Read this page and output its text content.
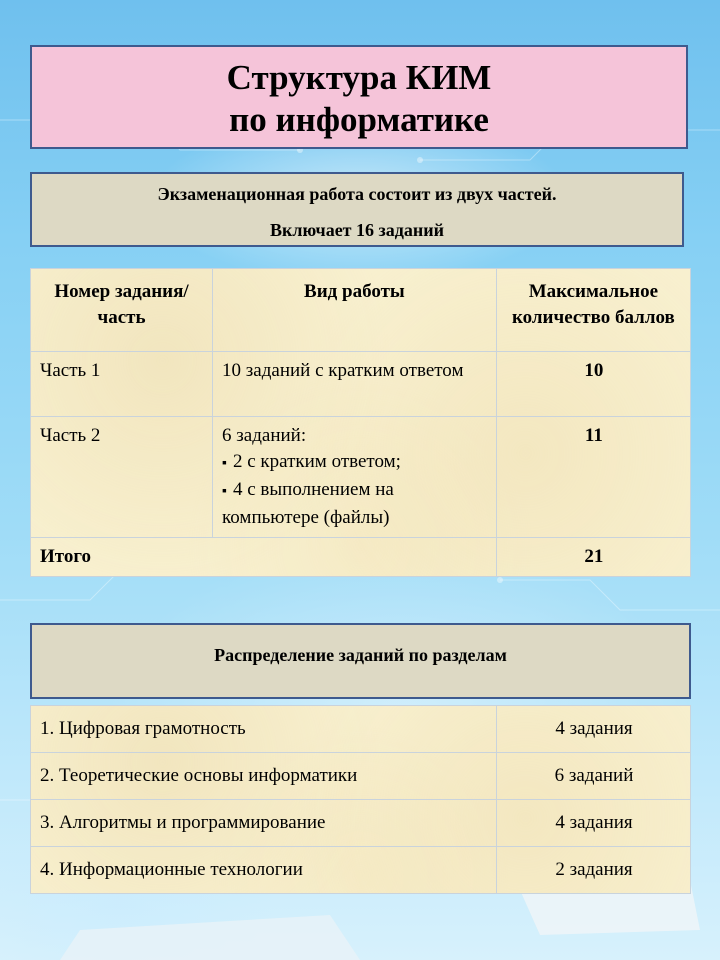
Структура КИМ
по информатике
Экзаменационная работа состоит из двух частей.
Включает 16 заданий
Номер задания/ часть	Вид работы	Максимальное количество баллов
Часть 1	10 заданий с кратким ответом	10
Часть 2	6 заданий:
▪ 2 с кратким ответом;
▪ 4 с выполнением на компьютере (файлы)	11
Итого		21
Распределение заданий по разделам
1. Цифровая грамотность	4 задания
2. Теоретические основы информатики	6 заданий
3. Алгоритмы и программирование	4 задания
4. Информационные технологии	2 задания
